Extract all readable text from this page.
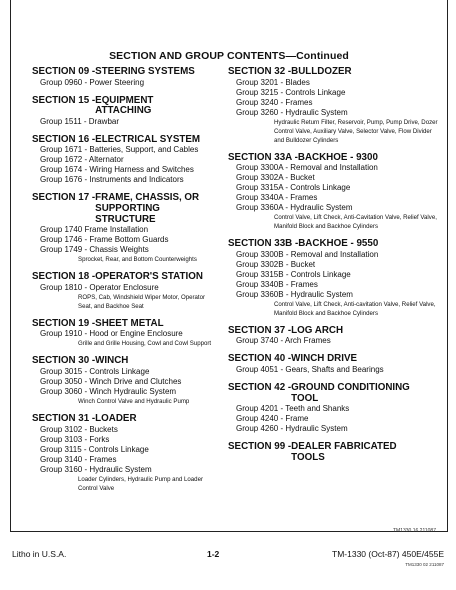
SECTION AND GROUP CONTENTS—Continued
SECTION 09 - STEERING SYSTEMS
Group 0960 - Power Steering
SECTION 15 - EQUIPMENT
ATTACHING
Group 1511 - Drawbar
SECTION 16 - ELECTRICAL SYSTEM
Group 1671 - Batteries, Support, and Cables
Group 1672 - Alternator
Group 1674 - Wiring Harness and Switches
Group 1676 - Instruments and Indicators
SECTION 17 - FRAME, CHASSIS, OR
SUPPORTING
STRUCTURE
Group 1740 Frame Installation
Group 1746 - Frame Bottom Guards
Group 1749 - Chassis Weights
Sprocket, Rear, and Bottom Counterweights
SECTION 18 - OPERATOR'S STATION
Group 1810 - Operator Enclosure
ROPS, Cab, Windshield Wiper Motor, Operator Seat, and Backhoe Seat
SECTION 19 - SHEET METAL
Group 1910 - Hood or Engine Enclosure
Grille and Grille Housing, Cowl and Cowl Support
SECTION 30 - WINCH
Group 3015 - Controls Linkage
Group 3050 - Winch Drive and Clutches
Group 3060 - Winch Hydraulic System
Winch Control Valve and Hydraulic Pump
SECTION 31 - LOADER
Group 3102 - Buckets
Group 3103 - Forks
Group 3115 - Controls Linkage
Group 3140 - Frames
Group 3160 - Hydraulic System
Loader Cylinders, Hydraulic Pump and Loader Control Valve
SECTION 32 - BULLDOZER
Group 3201 - Blades
Group 3215 - Controls Linkage
Group 3240 - Frames
Group 3260 - Hydraulic System
Hydraulic Return Filter, Reservoir, Pump, Pump Drive, Dozer Control Valve, Auxiliary Valve, Selector Valve, Flow Divider and Bulldozer Cylinders
SECTION 33A - BACKHOE - 9300
Group 3300A - Removal and Installation
Group 3302A - Bucket
Group 3315A - Controls Linkage
Group 3340A - Frames
Group 3360A - Hydraulic System
Control Valve, Lift Check, Anti-Cavitation Valve, Relief Valve, Manifold Block and Backhoe Cylinders
SECTION 33B - BACKHOE - 9550
Group 3300B - Removal and Installation
Group 3302B - Bucket
Group 3315B - Controls Linkage
Group 3340B - Frames
Group 3360B - Hydraulic System
Control Valve, Lift Check, Anti-cavitation Valve, Relief Valve, Manifold Block and Backhoe Cylinders
SECTION 37 - LOG ARCH
Group 3740 - Arch Frames
SECTION 40 - WINCH DRIVE
Group 4051 - Gears, Shafts and Bearings
SECTION 42 - GROUND CONDITIONING
TOOL
Group 4201 - Teeth and Shanks
Group 4240 - Frame
Group 4260 - Hydraulic System
SECTION 99 - DEALER FABRICATED
TOOLS
TM1330 16 211087
Litho in U.S.A.	1-2	TM-1330 (Oct-87) 450E/455E
TM1330 02 211087
